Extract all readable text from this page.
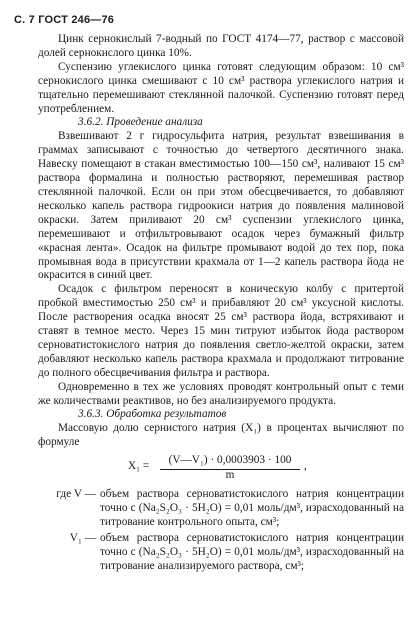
С. 7 ГОСТ 246—76

Цинк сернокислый 7-водный по ГОСТ 4174—77, раствор с массовой долей сернокислого цинка 10%.

Суспензию углекислого цинка готовят следующим образом: 10 см³ сернокислого цинка смешивают с 10 см³ раствора углекислого натрия и тщательно перемешивают стеклянной палочкой. Суспензию готовят перед употреблением.

3.6.2. Проведение анализа

Взвешивают 2 г гидросульфита натрия, результат взвешивания в граммах записывают с точностью до четвертого десятичного знака. Навеску помещают в стакан вместимостью 100—150 см³, наливают 15 см³ раствора формалина и полностью растворяют, перемешивая раствор стеклянной палочкой. Если он при этом обесцвечивается, то добавляют несколько капель раствора гидроокиси натрия до появления малиновой окраски. Затем приливают 20 см³ суспензии углекислого цинка, перемешивают и отфильтровывают осадок через бумажный фильтр «красная лента». Осадок на фильтре промывают водой до тех пор, пока промывная вода в присутствии крахмала от 1—2 капель раствора йода не окрасится в синий цвет.

Осадок с фильтром переносят в коническую колбу с притертой пробкой вместимостью 250 см³ и прибавляют 20 см³ уксусной кислоты. После растворения осадка вносят 25 см³ раствора йода, встряхивают и ставят в темное место. Через 15 мин титруют избыток йода раствором серноватистокислого натрия до появления светло-желтой окраски, затем добавляют несколько капель раствора крахмала и продолжают титрование до полного обесцвечивания фильтра и раствора.

Одновременно в тех же условиях проводят контрольный опыт с теми же количествами реактивов, но без анализируемого продукта.

3.6.3. Обработка результатов

Массовую долю сернистого натрия (X₁) в процентах вычисляют по формуле

X₁ =	(V—V₁) · 0,0003903 · 100
m
,
где V — объем раствора серноватистокислого натрия концентрации точно c (Na₂S₂O₃ · 5H₂O) = 0,01 моль/дм³, израсходованный на титрование контрольного опыта, см³;
V₁ — объем раствора серноватистокислого натрия концентрации точно c (Na₂S₂O₃ · 5H₂O) = 0,01 моль/дм³, израсходованный на титрование анализируемого раствора, см³;
